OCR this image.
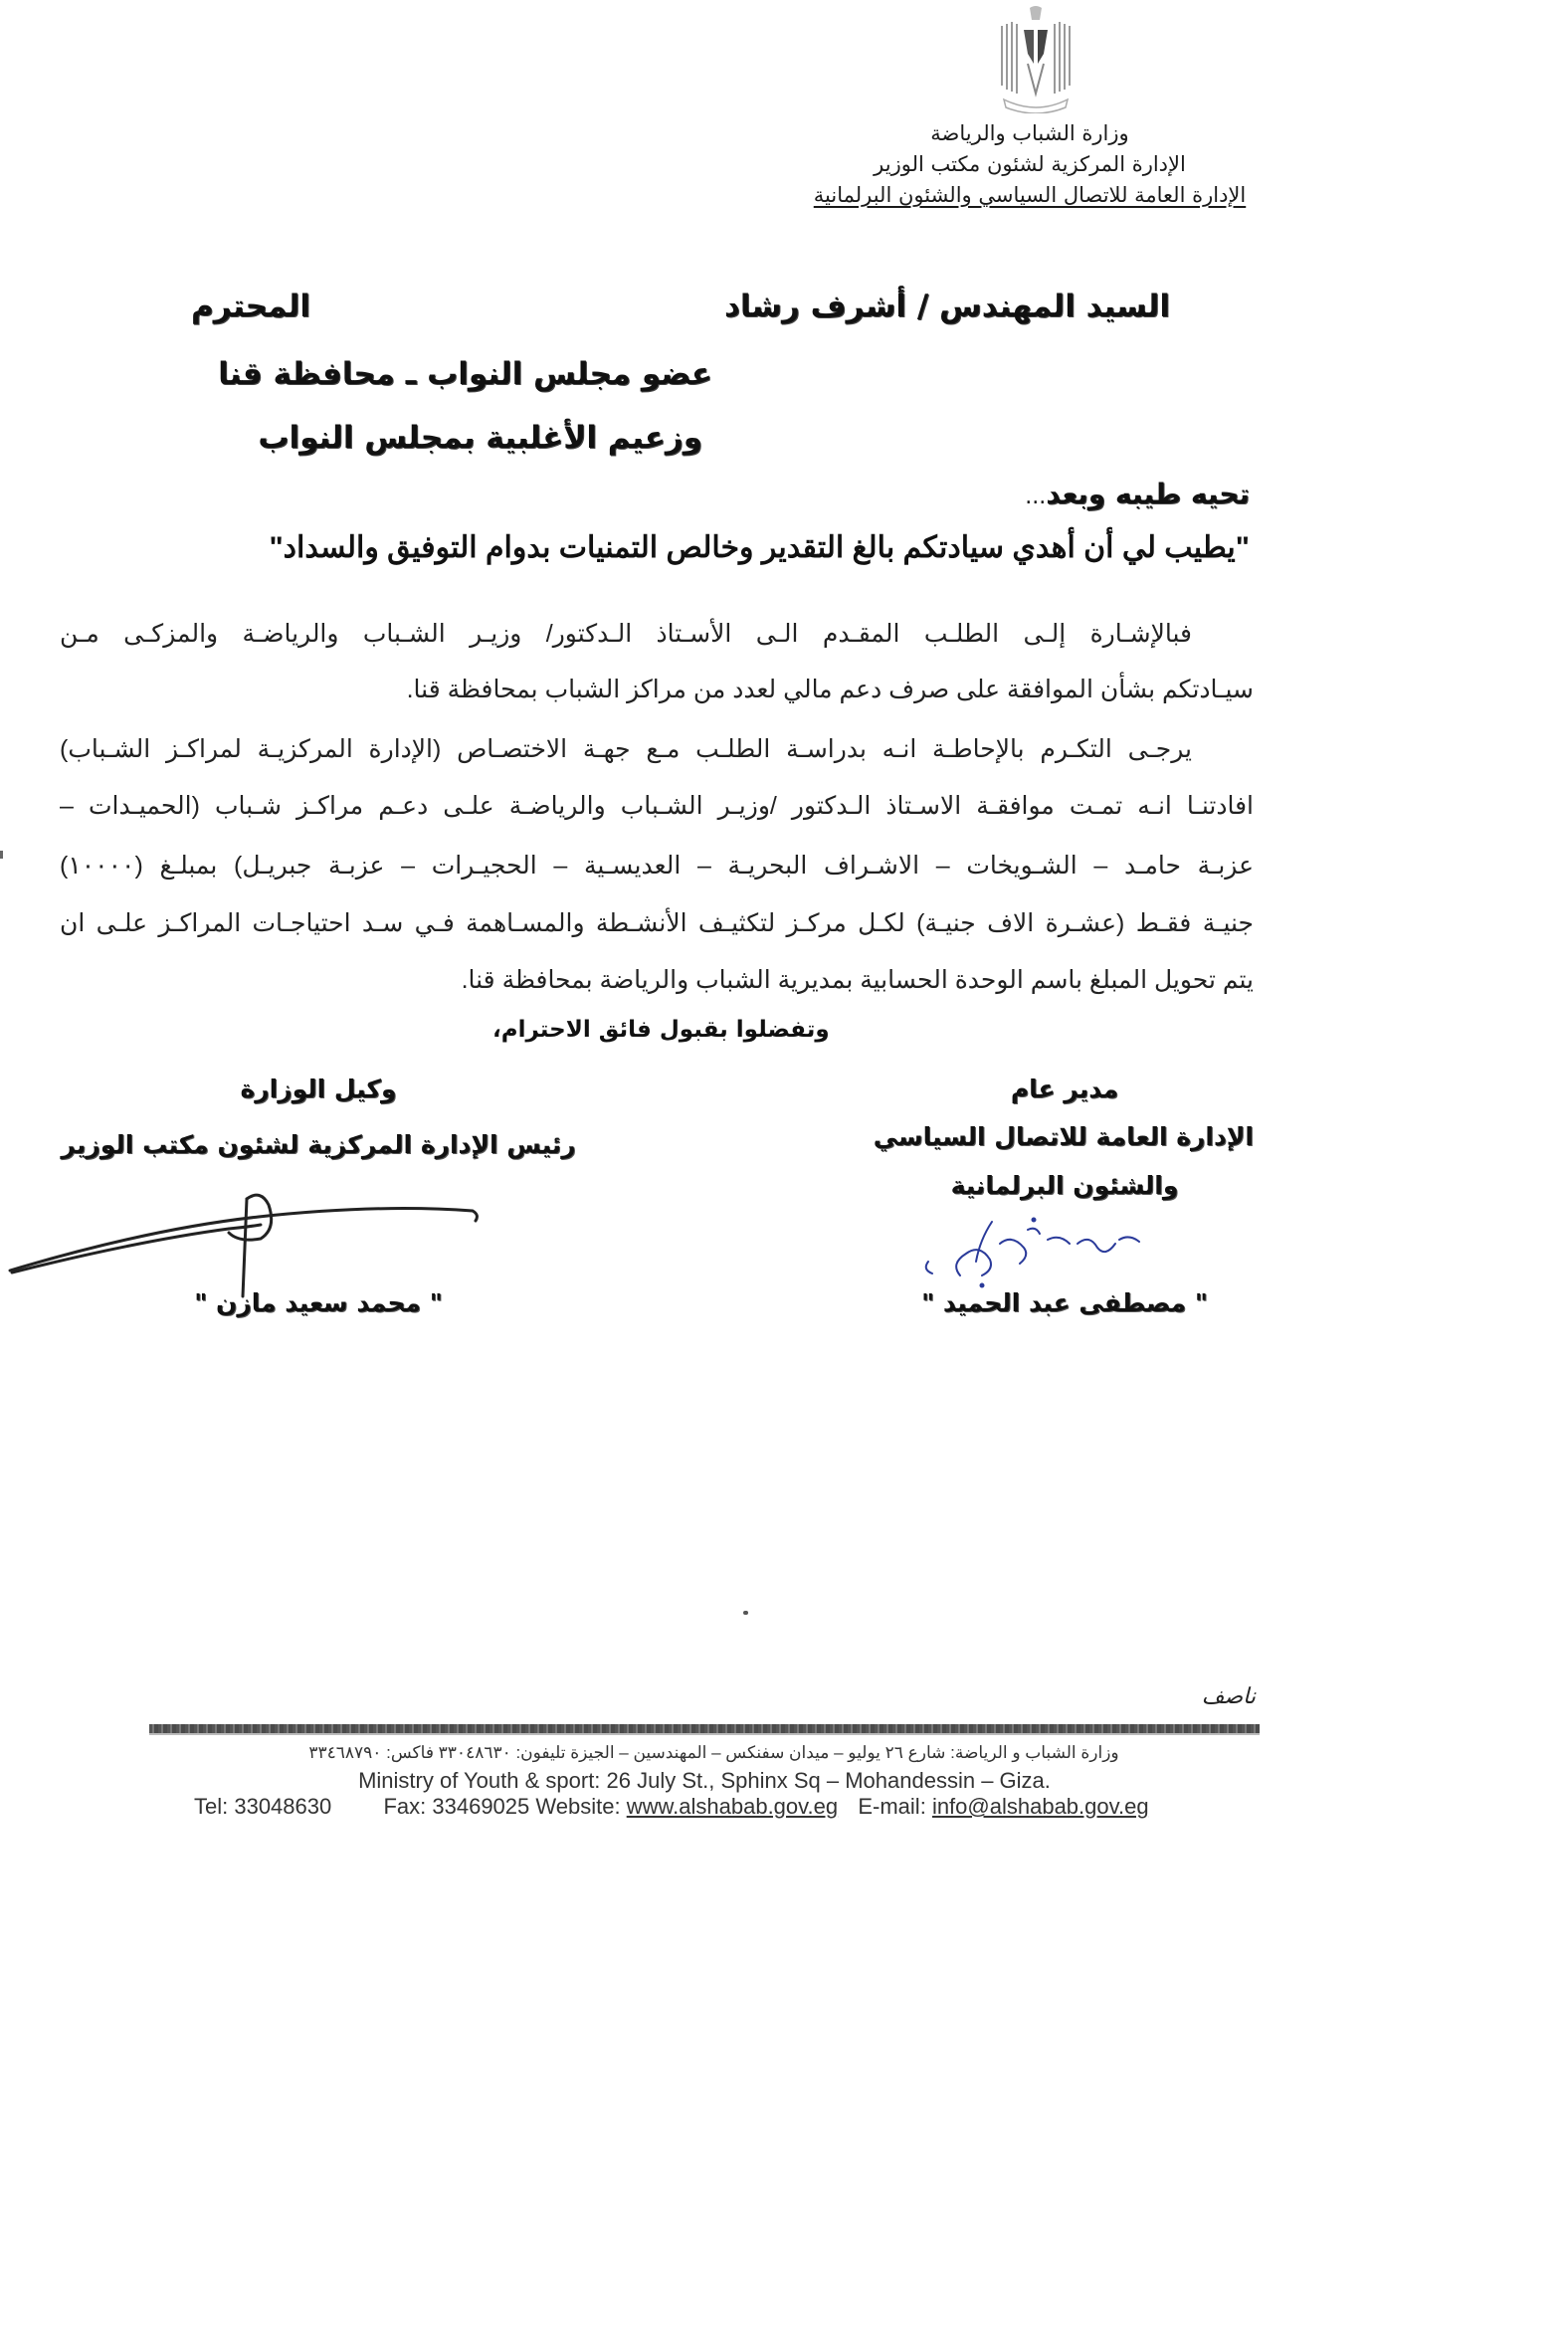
وزارة الشباب والرياضة
الإدارة المركزية لشئون مكتب الوزير
الإدارة العامة للاتصال السياسي والشئون البرلمانية
السيد المهندس / أشرف رشاد
المحترم
عضو مجلس النواب ـ محافظة قنا
وزعيم الأغلبية بمجلس النواب
تحيه طيبه وبعد...
"يطيب لي أن أهدي سيادتكم بالغ التقدير وخالص التمنيات بدوام التوفيق والسداد"
فبالإشـارة إلـى الطلـب المقـدم الـى الأسـتاذ الـدكتور/ وزيـر الشـباب والرياضـة والمزكـى مـن
سيـادتكم بشأن الموافقة على صرف دعم مالي لعدد من مراكز الشباب بمحافظة قنا.
يرجـى التكـرم بالإحاطـة انـه بدراسـة الطلـب مـع جهـة الاختصـاص (الإدارة المركزيـة لمراكـز الشـباب)
افادتنـا انـه تمـت موافقـة الاسـتاذ الـدكتور /وزيـر الشـباب والرياضـة علـى دعـم مراكـز شـباب (الحميـدات –
عزبـة حامـد – الشـويخات – الاشـراف البحريـة – العديسـية – الحجيـرات – عزبـة جبريـل) بمبلـغ (١٠٠٠٠)
جنيـة فقـط (عشـرة الاف جنيـة) لكـل مركـز لتكثيـف الأنشـطة والمسـاهمة فـي سـد احتياجـات المراكـز علـى ان
يتم تحويل المبلغ باسم الوحدة الحسابية بمديرية الشباب والرياضة بمحافظة قنا.
وتفضلوا بقبول فائق الاحترام،
مدير عام
الإدارة العامة للاتصال السياسي
والشئون البرلمانية
" مصطفى عبد الحميد "
وكيل الوزارة
رئيس الإدارة المركزية لشئون مكتب الوزير
" محمد سعيد مازن "
ناصف
وزارة الشباب و الرياضة: شارع ٢٦ يوليو – ميدان سفنكس – المهندسين – الجيزة تليفون: ٣٣٠٤٨٦٣٠ فاكس: ٣٣٤٦٨٧٩٠
Ministry of Youth & sport: 26 July St., Sphinx Sq – Mohandessin – Giza.
Tel: 33048630 Fax: 33469025 Website: www.alshabab.gov.eg E-mail: info@alshabab.gov.eg
